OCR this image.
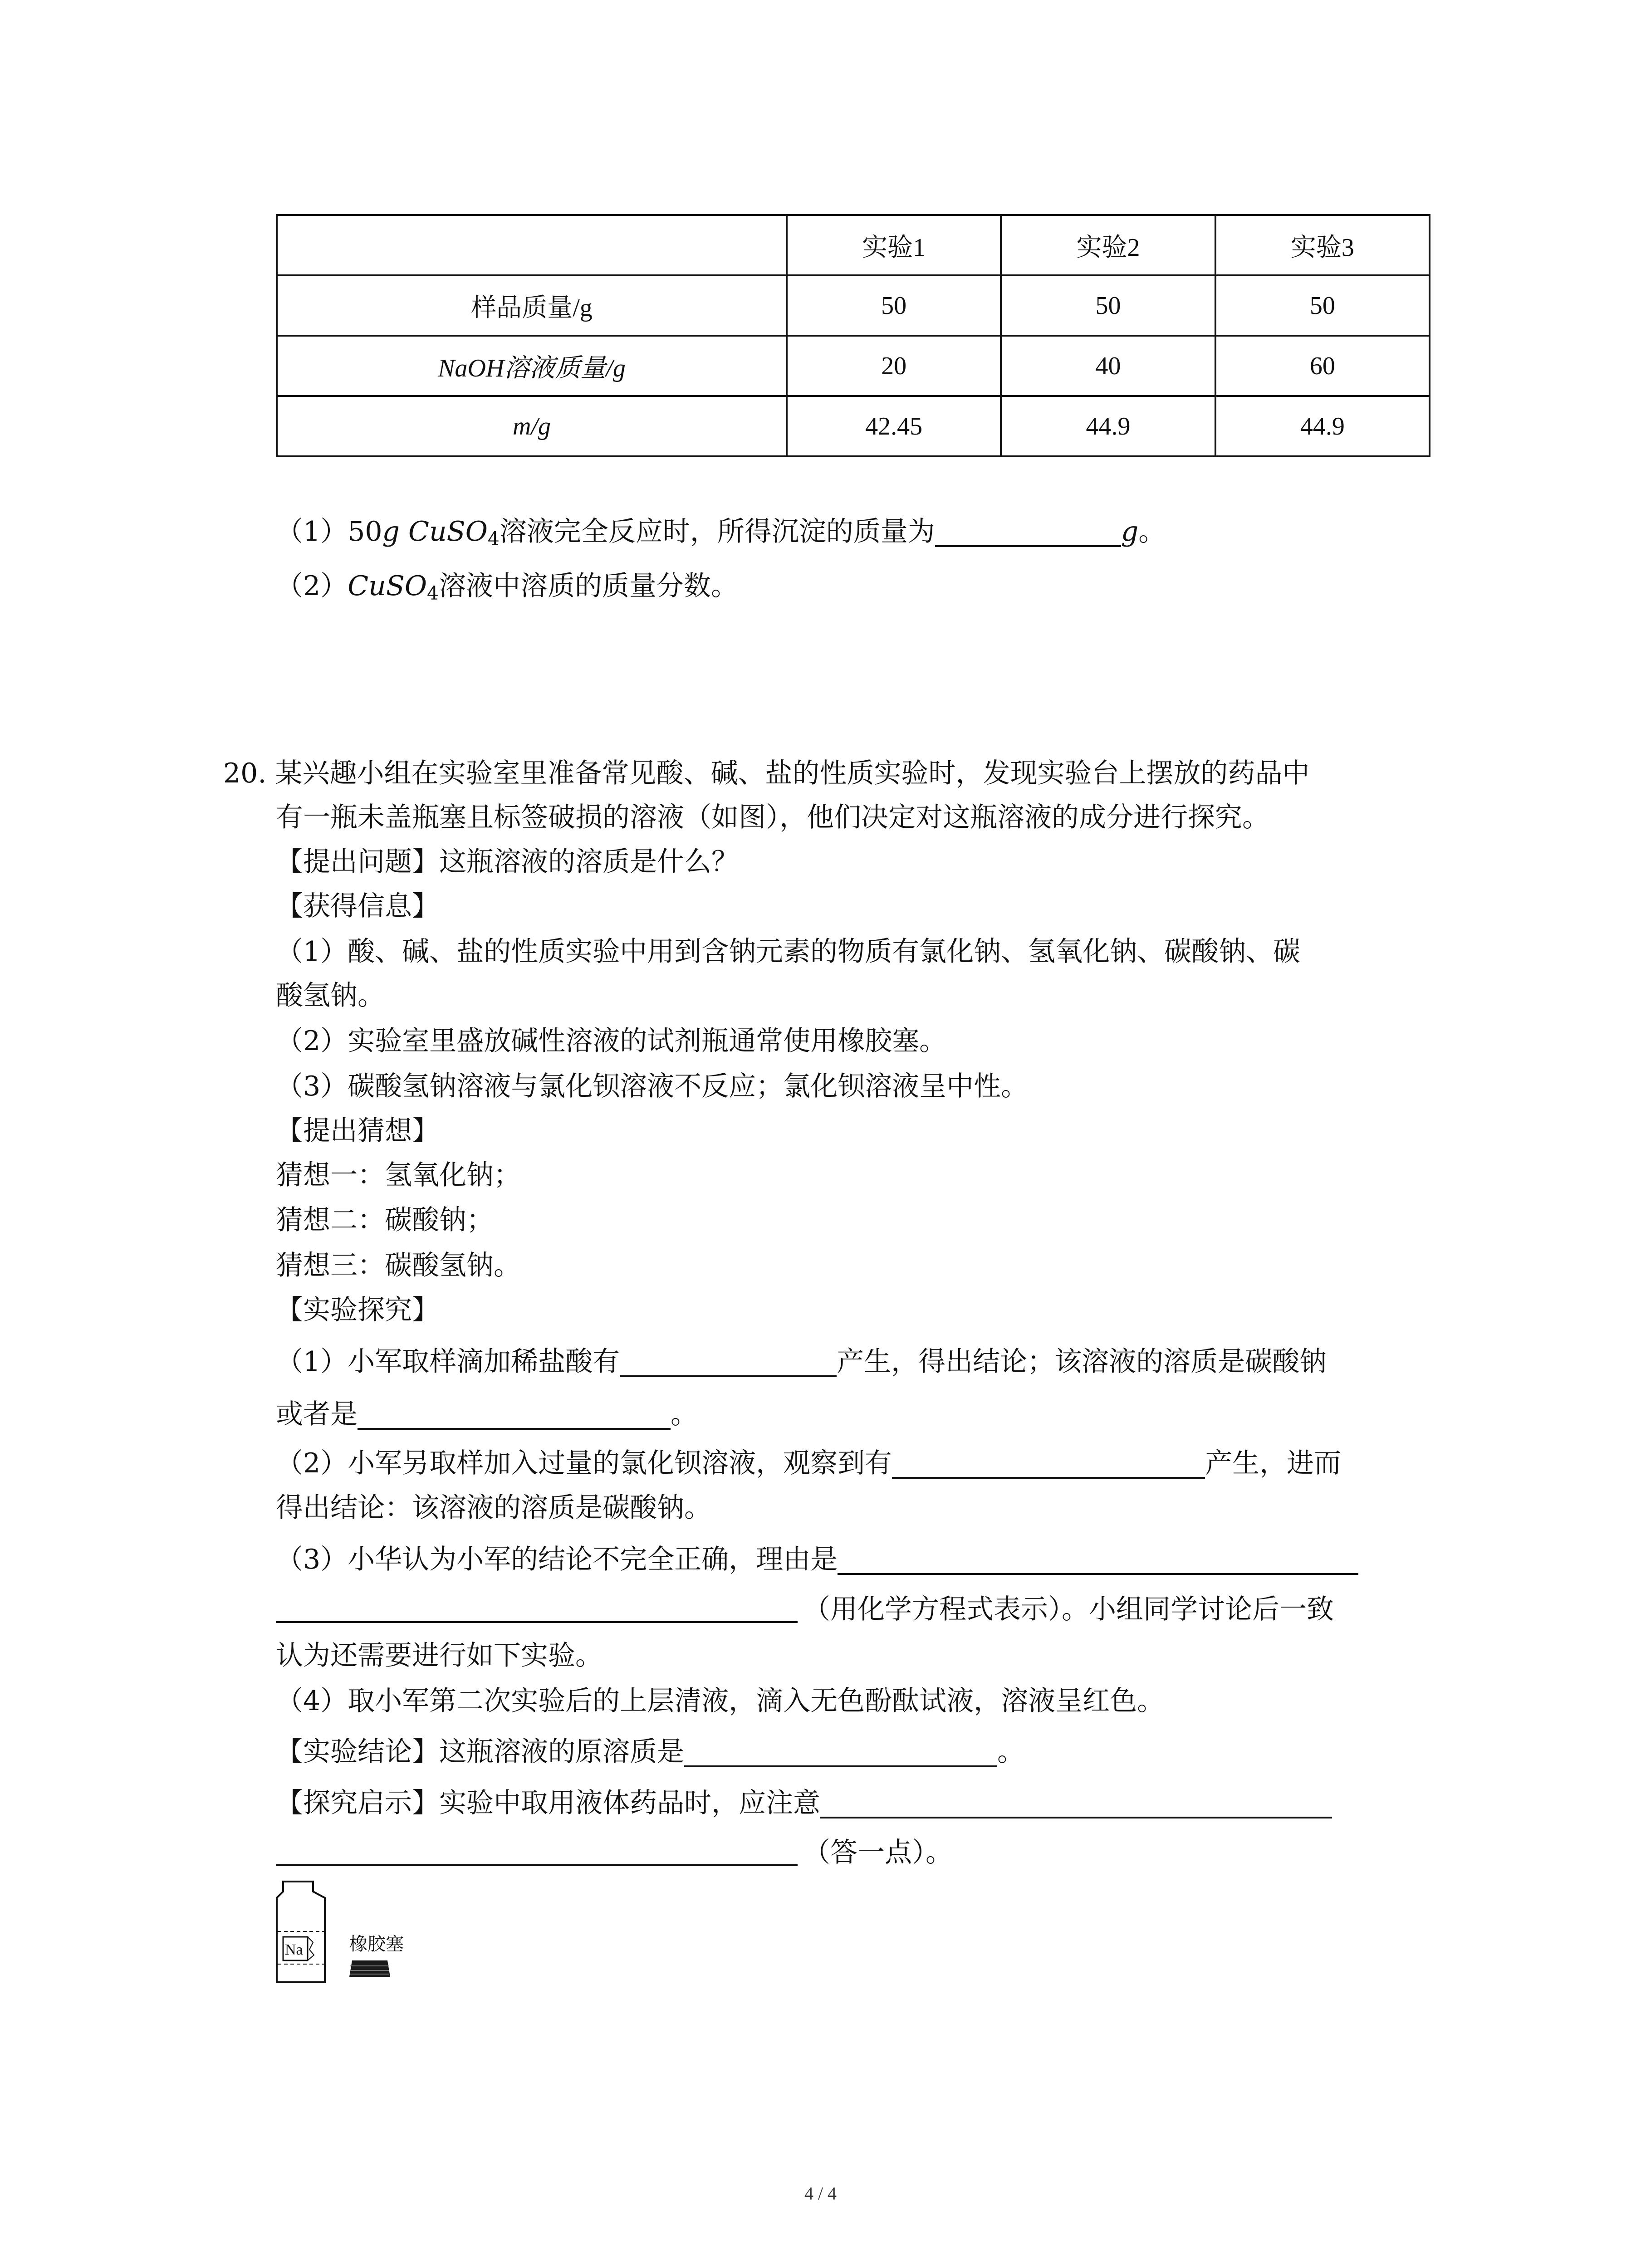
	实验1	实验2	实验3
样品质量/g	50	50	50
NaOH溶液质量/g	20	40	60
m/g	42.45	44.9	44.9
（1）50g CuSO$_4$溶液完全反应时，所得沉淀的质量为	g。
（2）CuSO$_4$溶液中溶质的质量分数。
20. 某兴趣小组在实验室里准备常见酸、碱、盐的性质实验时，发现实验台上摆放的药品中
有一瓶未盖瓶塞且标签破损的溶液（如图），他们决定对这瓶溶液的成分进行探究。
【提出问题】这瓶溶液的溶质是什么？
【获得信息】
（1）酸、碱、盐的性质实验中用到含钠元素的物质有氯化钠、氢氧化钠、碳酸钠、碳
酸氢钠。
（2）实验室里盛放碱性溶液的试剂瓶通常使用橡胶塞。
（3）碳酸氢钠溶液与氯化钡溶液不反应；氯化钡溶液呈中性。
【提出猜想】
猜想一：氢氧化钠；
猜想二：碳酸钠；
猜想三：碳酸氢钠。
【实验探究】
（1）小军取样滴加稀盐酸有	产生，得出结论；该溶液的溶质是碳酸钠
或者是	。
（2）小军另取样加入过量的氯化钡溶液，观察到有	产生，进而
得出结论：该溶液的溶质是碳酸钠。
（3）小华认为小军的结论不完全正确，理由是
（用化学方程式表示）。小组同学讨论后一致
认为还需要进行如下实验。
（4）取小军第二次实验后的上层清液，滴入无色酚酞试液，溶液呈红色。
【实验结论】这瓶溶液的原溶质是	。
【探究启示】实验中取用液体药品时，应注意
（答一点）。
Na	橡胶塞
4 / 4
